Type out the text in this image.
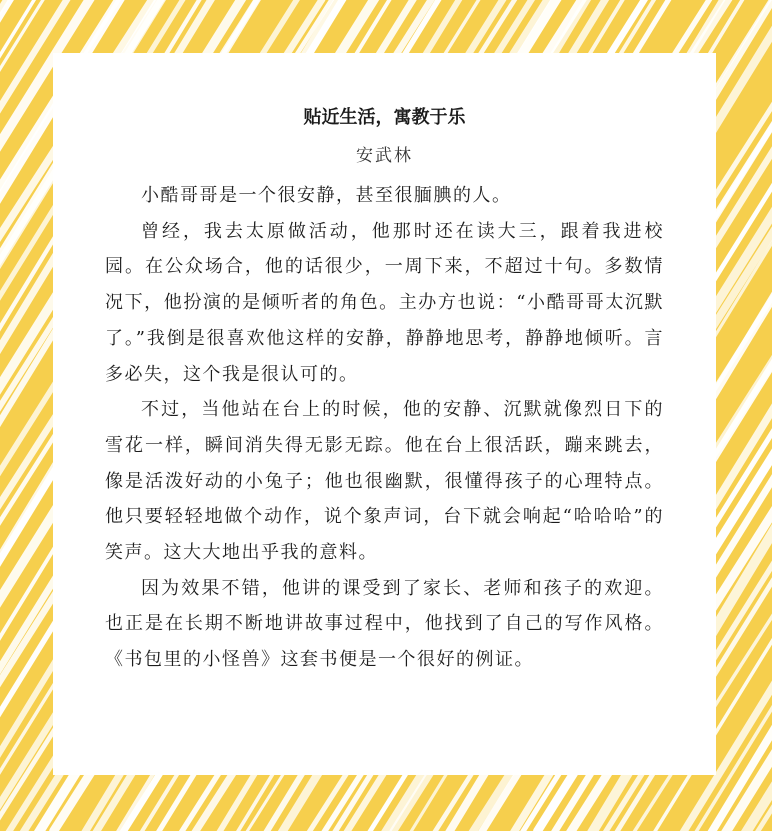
贴近生活，寓教于乐
安武林

小酷哥哥是一个很安静，甚至很腼腆的人。

曾经，我去太原做活动，他那时还在读大三，跟着我进校园。在公众场合，他的话很少，一周下来，不超过十句。多数情况下，他扮演的是倾听者的角色。主办方也说：“小酷哥哥太沉默了。”我倒是很喜欢他这样的安静，静静地思考，静静地倾听。言多必失，这个我是很认可的。

不过，当他站在台上的时候，他的安静、沉默就像烈日下的雪花一样，瞬间消失得无影无踪。他在台上很活跃，蹦来跳去，像是活泼好动的小兔子；他也很幽默，很懂得孩子的心理特点。他只要轻轻地做个动作，说个象声词，台下就会响起“哈哈哈”的笑声。这大大地出乎我的意料。

因为效果不错，他讲的课受到了家长、老师和孩子的欢迎。也正是在长期不断地讲故事过程中，他找到了自己的写作风格。《书包里的小怪兽》这套书便是一个很好的例证。
